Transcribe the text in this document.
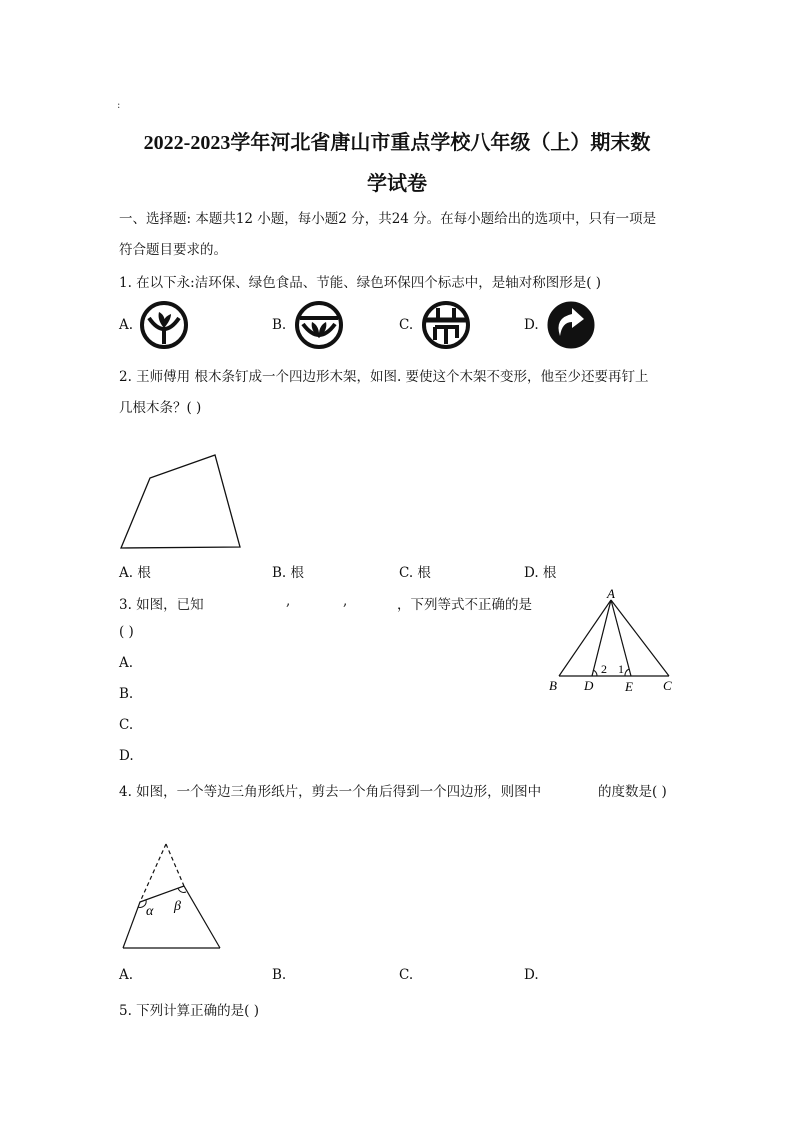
:
2022-2023学年河北省唐山市重点学校八年级（上）期末数
学试卷
一、选择题: 本题共12 小题，每小题2 分，共24 分。在每小题给出的选项中，只有一项是
符合题目要求的。
1. 在以下永:洁环保、绿色食品、节能、绿色环保四个标志中，是轴对称图形是( )
A.	B.	C.	D.
2. 王师傅用 根木条钉成一个四边形木架，如图. 要使这个木架不变形，他至少还要再钉上
几根木条？( )
A. 根	B. 根	C. 根	D. 根
3. 如图，已知	,	,	，下列等式不正确的是
( )
A.
B.
C.
D.
A
B D E C
2 1
4. 如图，一个等边三角形纸片，剪去一个角后得到一个四边形，则图中	的度数是( )
α β
A.	B.	C.	D.
5. 下列计算正确的是( )
